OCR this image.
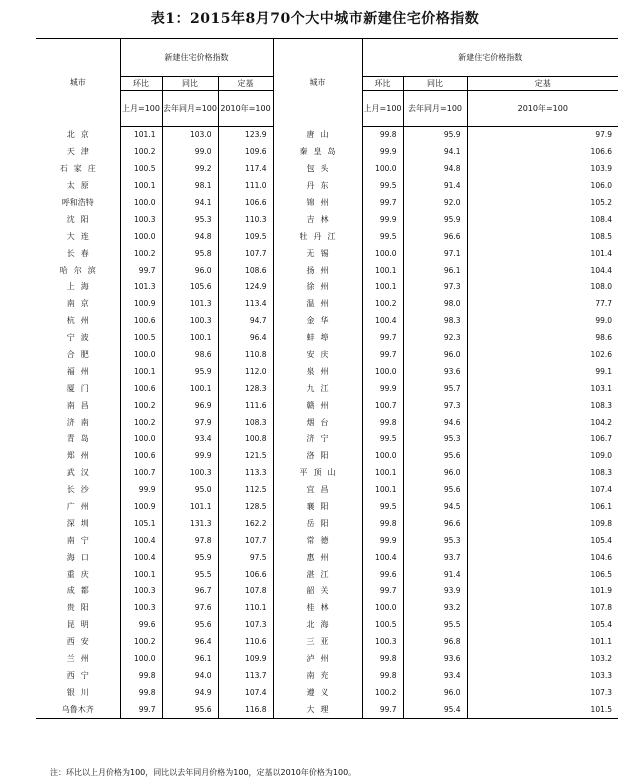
表1：2015年8月70个大中城市新建住宅价格指数
城市	新建住宅价格指数			城市	新建住宅价格指数		
	环比	同比	定基		环比	同比	定基
	上月=100	去年同月=100	2010年=100		上月=100	去年同月=100	2010年=100
北京	101.1	103.0	123.9	唐山	99.8	95.9	97.9
天津	100.2	99.0	109.6	秦皇岛	99.9	94.1	106.6
石家庄	100.5	99.2	117.4	包头	100.0	94.8	103.9
太原	100.1	98.1	111.0	丹东	99.5	91.4	106.0
呼和浩特	100.0	94.1	106.6	锦州	99.7	92.0	105.2
沈阳	100.3	95.3	110.3	吉林	99.9	95.9	108.4
大连	100.0	94.8	109.5	牡丹江	99.5	96.6	108.5
长春	100.2	95.8	107.7	无锡	100.0	97.1	101.4
哈尔滨	99.7	96.0	108.6	扬州	100.1	96.1	104.4
上海	101.3	105.6	124.9	徐州	100.1	97.3	108.0
南京	100.9	101.3	113.4	温州	100.2	98.0	77.7
杭州	100.6	100.3	94.7	金华	100.4	98.3	99.0
宁波	100.5	100.1	96.4	蚌埠	99.7	92.3	98.6
合肥	100.0	98.6	110.8	安庆	99.7	96.0	102.6
福州	100.1	95.9	112.0	泉州	100.0	93.6	99.1
厦门	100.6	100.1	128.3	九江	99.9	95.7	103.1
南昌	100.2	96.9	111.6	赣州	100.7	97.3	108.3
济南	100.2	97.9	108.3	烟台	99.8	94.6	104.2
青岛	100.0	93.4	100.8	济宁	99.5	95.3	106.7
郑州	100.6	99.9	121.5	洛阳	100.0	95.6	109.0
武汉	100.7	100.3	113.3	平顶山	100.1	96.0	108.3
长沙	99.9	95.0	112.5	宜昌	100.1	95.6	107.4
广州	100.9	101.1	128.5	襄阳	99.5	94.5	106.1
深圳	105.1	131.3	162.2	岳阳	99.8	96.6	109.8
南宁	100.4	97.8	107.7	常德	99.9	95.3	105.4
海口	100.4	95.9	97.5	惠州	100.4	93.7	104.6
重庆	100.1	95.5	106.6	湛江	99.6	91.4	106.5
成都	100.3	96.7	107.8	韶关	99.7	93.9	101.9
贵阳	100.3	97.6	110.1	桂林	100.0	93.2	107.8
昆明	99.6	95.6	107.3	北海	100.5	95.5	105.4
西安	100.2	96.4	110.6	三亚	100.3	96.8	101.1
兰州	100.0	96.1	109.9	泸州	99.8	93.6	103.2
西宁	99.8	94.0	113.7	南充	99.8	93.4	103.3
银川	99.8	94.9	107.4	遵义	100.2	96.0	107.3
乌鲁木齐	99.7	95.6	116.8	大理	99.7	95.4	101.5
注：环比以上月价格为100，同比以去年同月价格为100，定基以2010年价格为100。
